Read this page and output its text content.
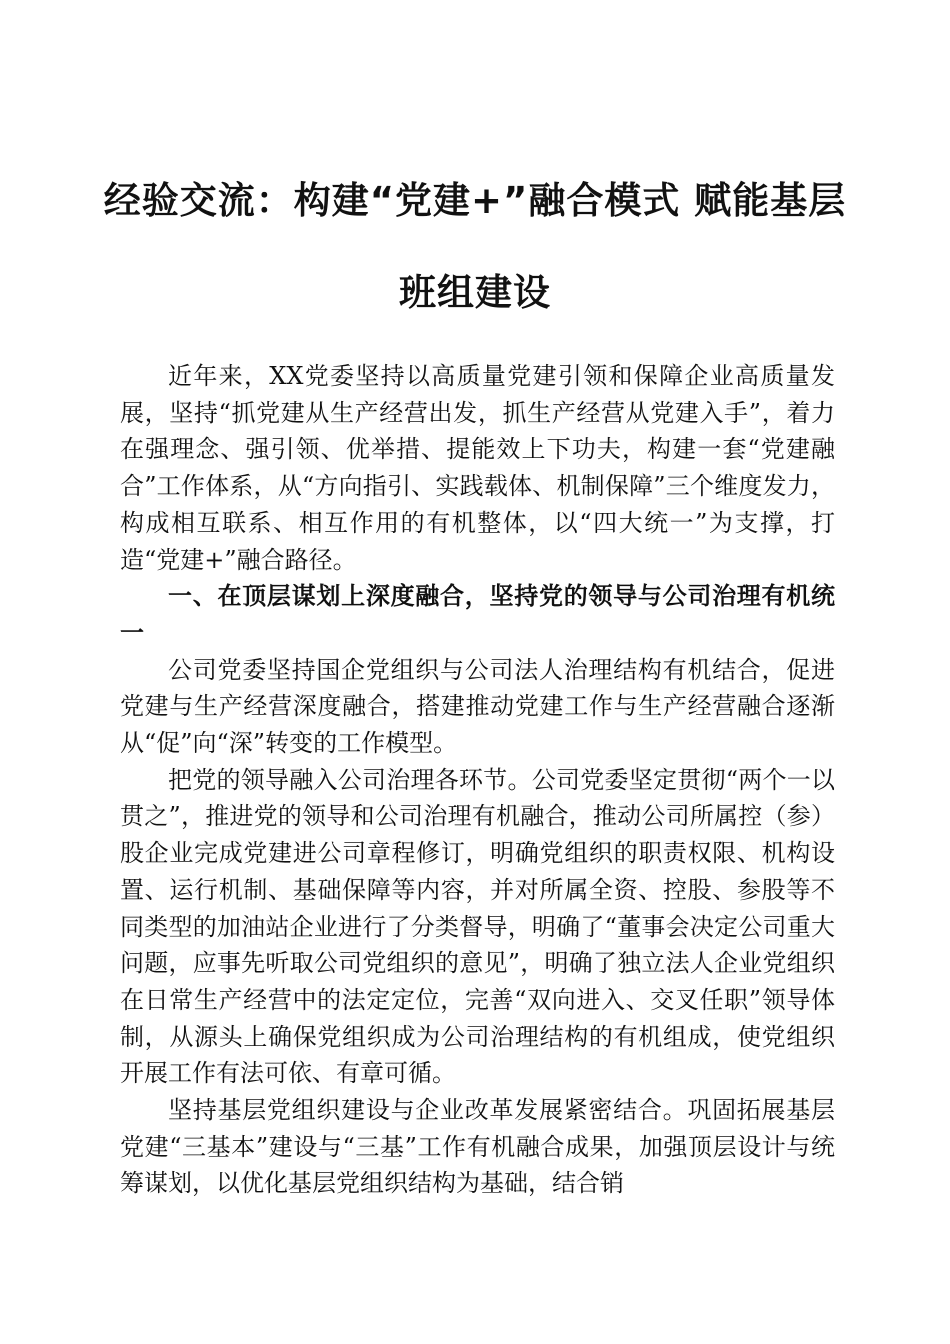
经验交流：构建“党建+”融合模式 赋能基层
班组建设

近年来，XX党委坚持以高质量党建引领和保障企业高质量发展，坚持“抓党建从生产经营出发，抓生产经营从党建入手”，着力在强理念、强引领、优举措、提能效上下功夫，构建一套“党建融合”工作体系，从“方向指引、实践载体、机制保障”三个维度发力，构成相互联系、相互作用的有机整体，以“四大统一”为支撑，打造“党建+”融合路径。

一、在顶层谋划上深度融合，坚持党的领导与公司治理有机统一

公司党委坚持国企党组织与公司法人治理结构有机结合，促进党建与生产经营深度融合，搭建推动党建工作与生产经营融合逐渐从“促”向“深”转变的工作模型。

把党的领导融入公司治理各环节。公司党委坚定贯彻“两个一以贯之”，推进党的领导和公司治理有机融合，推动公司所属控（参）股企业完成党建进公司章程修订，明确党组织的职责权限、机构设置、运行机制、基础保障等内容，并对所属全资、控股、参股等不同类型的加油站企业进行了分类督导，明确了“董事会决定公司重大问题，应事先听取公司党组织的意见”，明确了独立法人企业党组织在日常生产经营中的法定定位，完善“双向进入、交叉任职”领导体制，从源头上确保党组织成为公司治理结构的有机组成，使党组织开展工作有法可依、有章可循。

坚持基层党组织建设与企业改革发展紧密结合。巩固拓展基层党建“三基本”建设与“三基”工作有机融合成果，加强顶层设计与统筹谋划，以优化基层党组织结构为基础，结合销
